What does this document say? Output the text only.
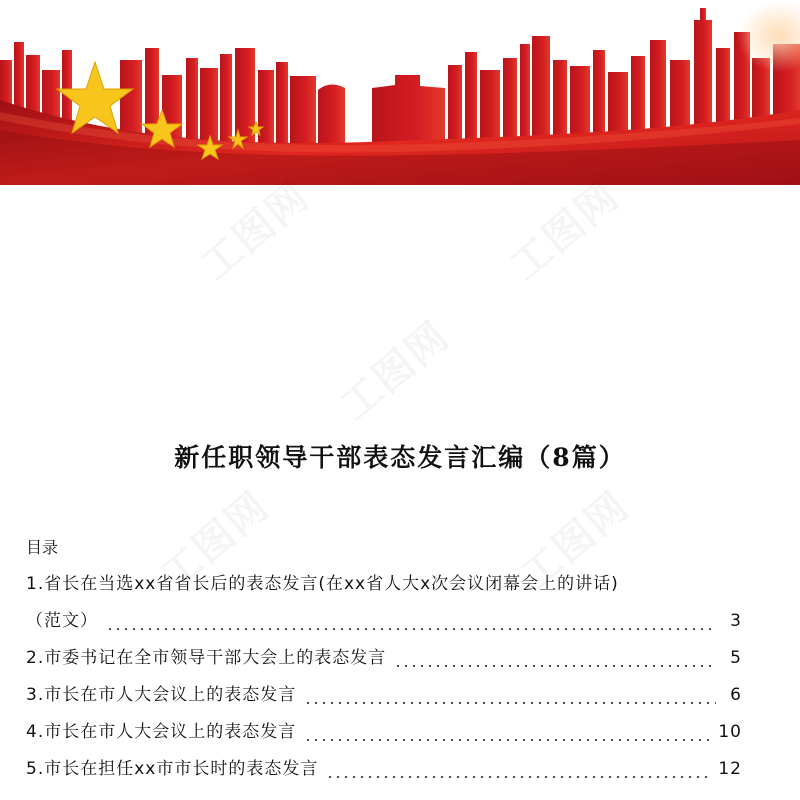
新任职领导干部表态发言汇编（8篇）
目录
1.省长在当选xx省省长后的表态发言(在xx省人大x次会议闭幕会上的讲话)
（范文）	3
2.市委书记在全市领导干部大会上的表态发言	5
3.市长在市人大会议上的表态发言	6
4.市长在市人大会议上的表态发言	10
5.市长在担任xx市市长时的表态发言	12
